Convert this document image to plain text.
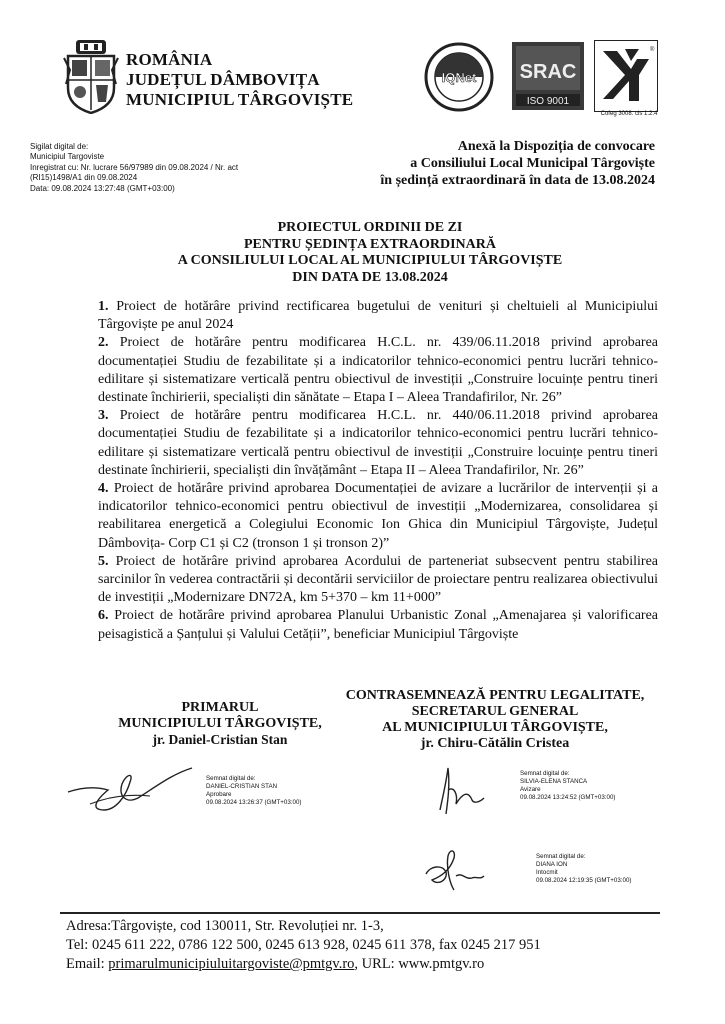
ROMÂNIA
JUDEȚUL DÂMBOVIȚA
MUNICIPIUL TÂRGOVIȘTE
IQNet SRAC
ISO 9001
®
Cofeg 3008. cls 1.2.4
Sigilat digital de:
Municipiul Targoviste
Inregistrat cu: Nr. lucrare 56/97989 din 09.08.2024 / Nr. act
(RI15)1498/A1 din 09.08.2024
Data: 09.08.2024 13:27:48 (GMT+03:00)
Anexă la Dispoziția de convocare
a Consiliului Local Municipal Târgoviște
în ședință extraordinară în data de 13.08.2024
PROIECTUL ORDINII DE ZI
PENTRU ȘEDINȚA EXTRAORDINARĂ
A CONSILIULUI LOCAL AL MUNICIPIULUI TÂRGOVIȘTE
DIN DATA DE 13.08.2024

1. Proiect de hotărâre privind rectificarea bugetului de venituri și cheltuieli al Municipiului Târgoviște pe anul 2024

2. Proiect de hotărâre pentru modificarea H.C.L. nr. 439/06.11.2018 privind aprobarea documentației Studiu de fezabilitate și a indicatorilor tehnico-economici pentru lucrări tehnico-edilitare și sistematizare verticală pentru obiectivul de investiții „Construire locuințe pentru tineri destinate închirierii, specialiști din sănătate – Etapa I – Aleea Trandafirilor, Nr. 26”

3. Proiect de hotărâre pentru modificarea H.C.L. nr. 440/06.11.2018 privind aprobarea documentației Studiu de fezabilitate și a indicatorilor tehnico-economici pentru lucrări tehnico-edilitare și sistematizare verticală pentru obiectivul de investiții „Construire locuințe pentru tineri destinate închirierii, specialiști din învățământ – Etapa II – Aleea Trandafirilor, Nr. 26”

4. Proiect de hotărâre privind aprobarea Documentației de avizare a lucrărilor de intervenții și a indicatorilor tehnico-economici pentru obiectivul de investiții „Modernizarea, consolidarea și reabilitarea energetică a Colegiului Economic Ion Ghica din Municipiul Târgoviște, Județul Dâmbovița- Corp C1 și C2 (tronson 1 și tronson 2)”

5. Proiect de hotărâre privind aprobarea Acordului de parteneriat subsecvent pentru stabilirea sarcinilor în vederea contractării și decontării serviciilor de proiectare pentru realizarea obiectivului de investiții „Modernizare DN72A, km 5+370 – km 11+000”

6. Proiect de hotărâre privind aprobarea Planului Urbanistic Zonal „Amenajarea și valorificarea peisagistică a Șanțului și Valului Cetății”, beneficiar Municipiul Târgoviște

PRIMARUL
MUNICIPIULUI TÂRGOVIȘTE,
jr. Daniel-Cristian Stan
CONTRASEMNEAZĂ PENTRU LEGALITATE,
SECRETARUL GENERAL
AL MUNICIPIULUI TÂRGOVIȘTE,
jr. Chiru-Cătălin Cristea
Semnat digital de:
DANIEL-CRISTIAN STAN
Aprobare
09.08.2024 13:26:37 (GMT+03:00)
Semnat digital de:
SILVIA-ELENA STANCA
Avizare
09.08.2024 13:24:52 (GMT+03:00)
Semnat digital de:
DIANA ION
Intocmit
09.08.2024 12:19:35 (GMT+03:00)
Adresa:Târgoviște, cod 130011, Str. Revoluției nr. 1-3,
Tel: 0245 611 222, 0786 122 500, 0245 613 928, 0245 611 378, fax 0245 217 951
Email: primarulmunicipiuluitargoviste@pmtgv.ro, URL: www.pmtgv.ro
